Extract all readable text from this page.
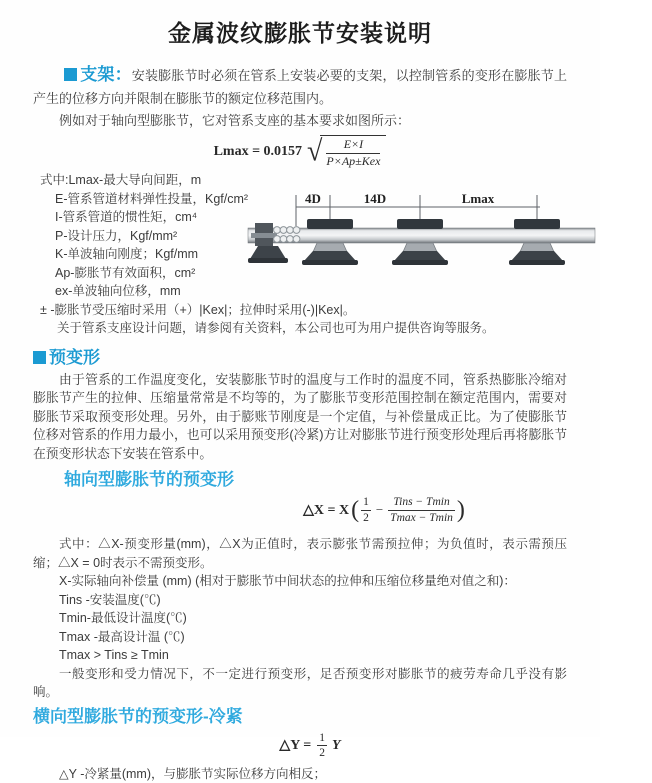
金属波纹膨胀节安装说明

支架：安装膨胀节时必须在管系上安装必要的支架，以控制管系的变形在膨胀节上产生的位移方向并限制在膨胀节的额定位移范围内。

例如对于轴向型膨胀节，它对管系支座的基本要求如图所示：

Lmax = 0.0157 √
$\frac{E\times I}{\text{P×Ap±Kex}}$
式中:Lmax-最大导向间距，m
E-管系管道材料弹性投量，Kgf/cm²
I-管系管道的惯性矩，cm⁴
P-设计压力，Kgf/mm²
K-单波轴向刚度；Kgf/mm
Ap-膨胀节有效面积，cm²
ex-单波轴向位移，mm
± -膨胀节受压缩时采用（+）|Kex|；拉伸时采用(-)|Kex|。
关于管系支座设计问题，请参阅有关资料，本公司也可为用户提供咨询等服务。
预变形

由于管系的工作温度变化，安装膨胀节时的温度与工作时的温度不同，管系热膨胀冷缩对膨胀节产生的拉伸、压缩量常常是不均等的，为了膨胀节变形范围控制在额定范围内，需要对膨胀节采取预变形处理。另外，由于膨账节刚度是一个定值，与补偿量成正比。为了使膨胀节位移对管系的作用力最小，也可以采用预变形(冷紧)方让对膨胀节进行预变形处理后再将膨胀节在预变形状态下安装在管系中。

轴向型膨胀节的预变形
△X = X ( $\frac{1}{2}$ − Tins − Tmin
Tmax − Tmin )
式中：△X-预变形量(mm)，△X为正值时，表示膨张节需预拉伸；为负值时，表示需预压缩；△X = 0时表示不需预变形。
X-实际轴向补偿量 (mm) (相对于膨胀节中间状态的拉伸和压缩位移量绝对值之和)：
Tins -安装温度(℃)
Tmin-最低设计温度(℃)
Tmax -最高设计温 (℃)
Tmax > Tins ≥ Tmin
一般变形和受力情况下，不一定进行预变形，足否预变形对膨胀节的疲劳寿命几乎没有影响。
横向型膨胀节的预变形-冷紧
△Y = $\frac{1}{2}$ Y

△Y -冷紧量(mm)，与膨胀节实际位移方向相反；

4D	14D	Lmax
